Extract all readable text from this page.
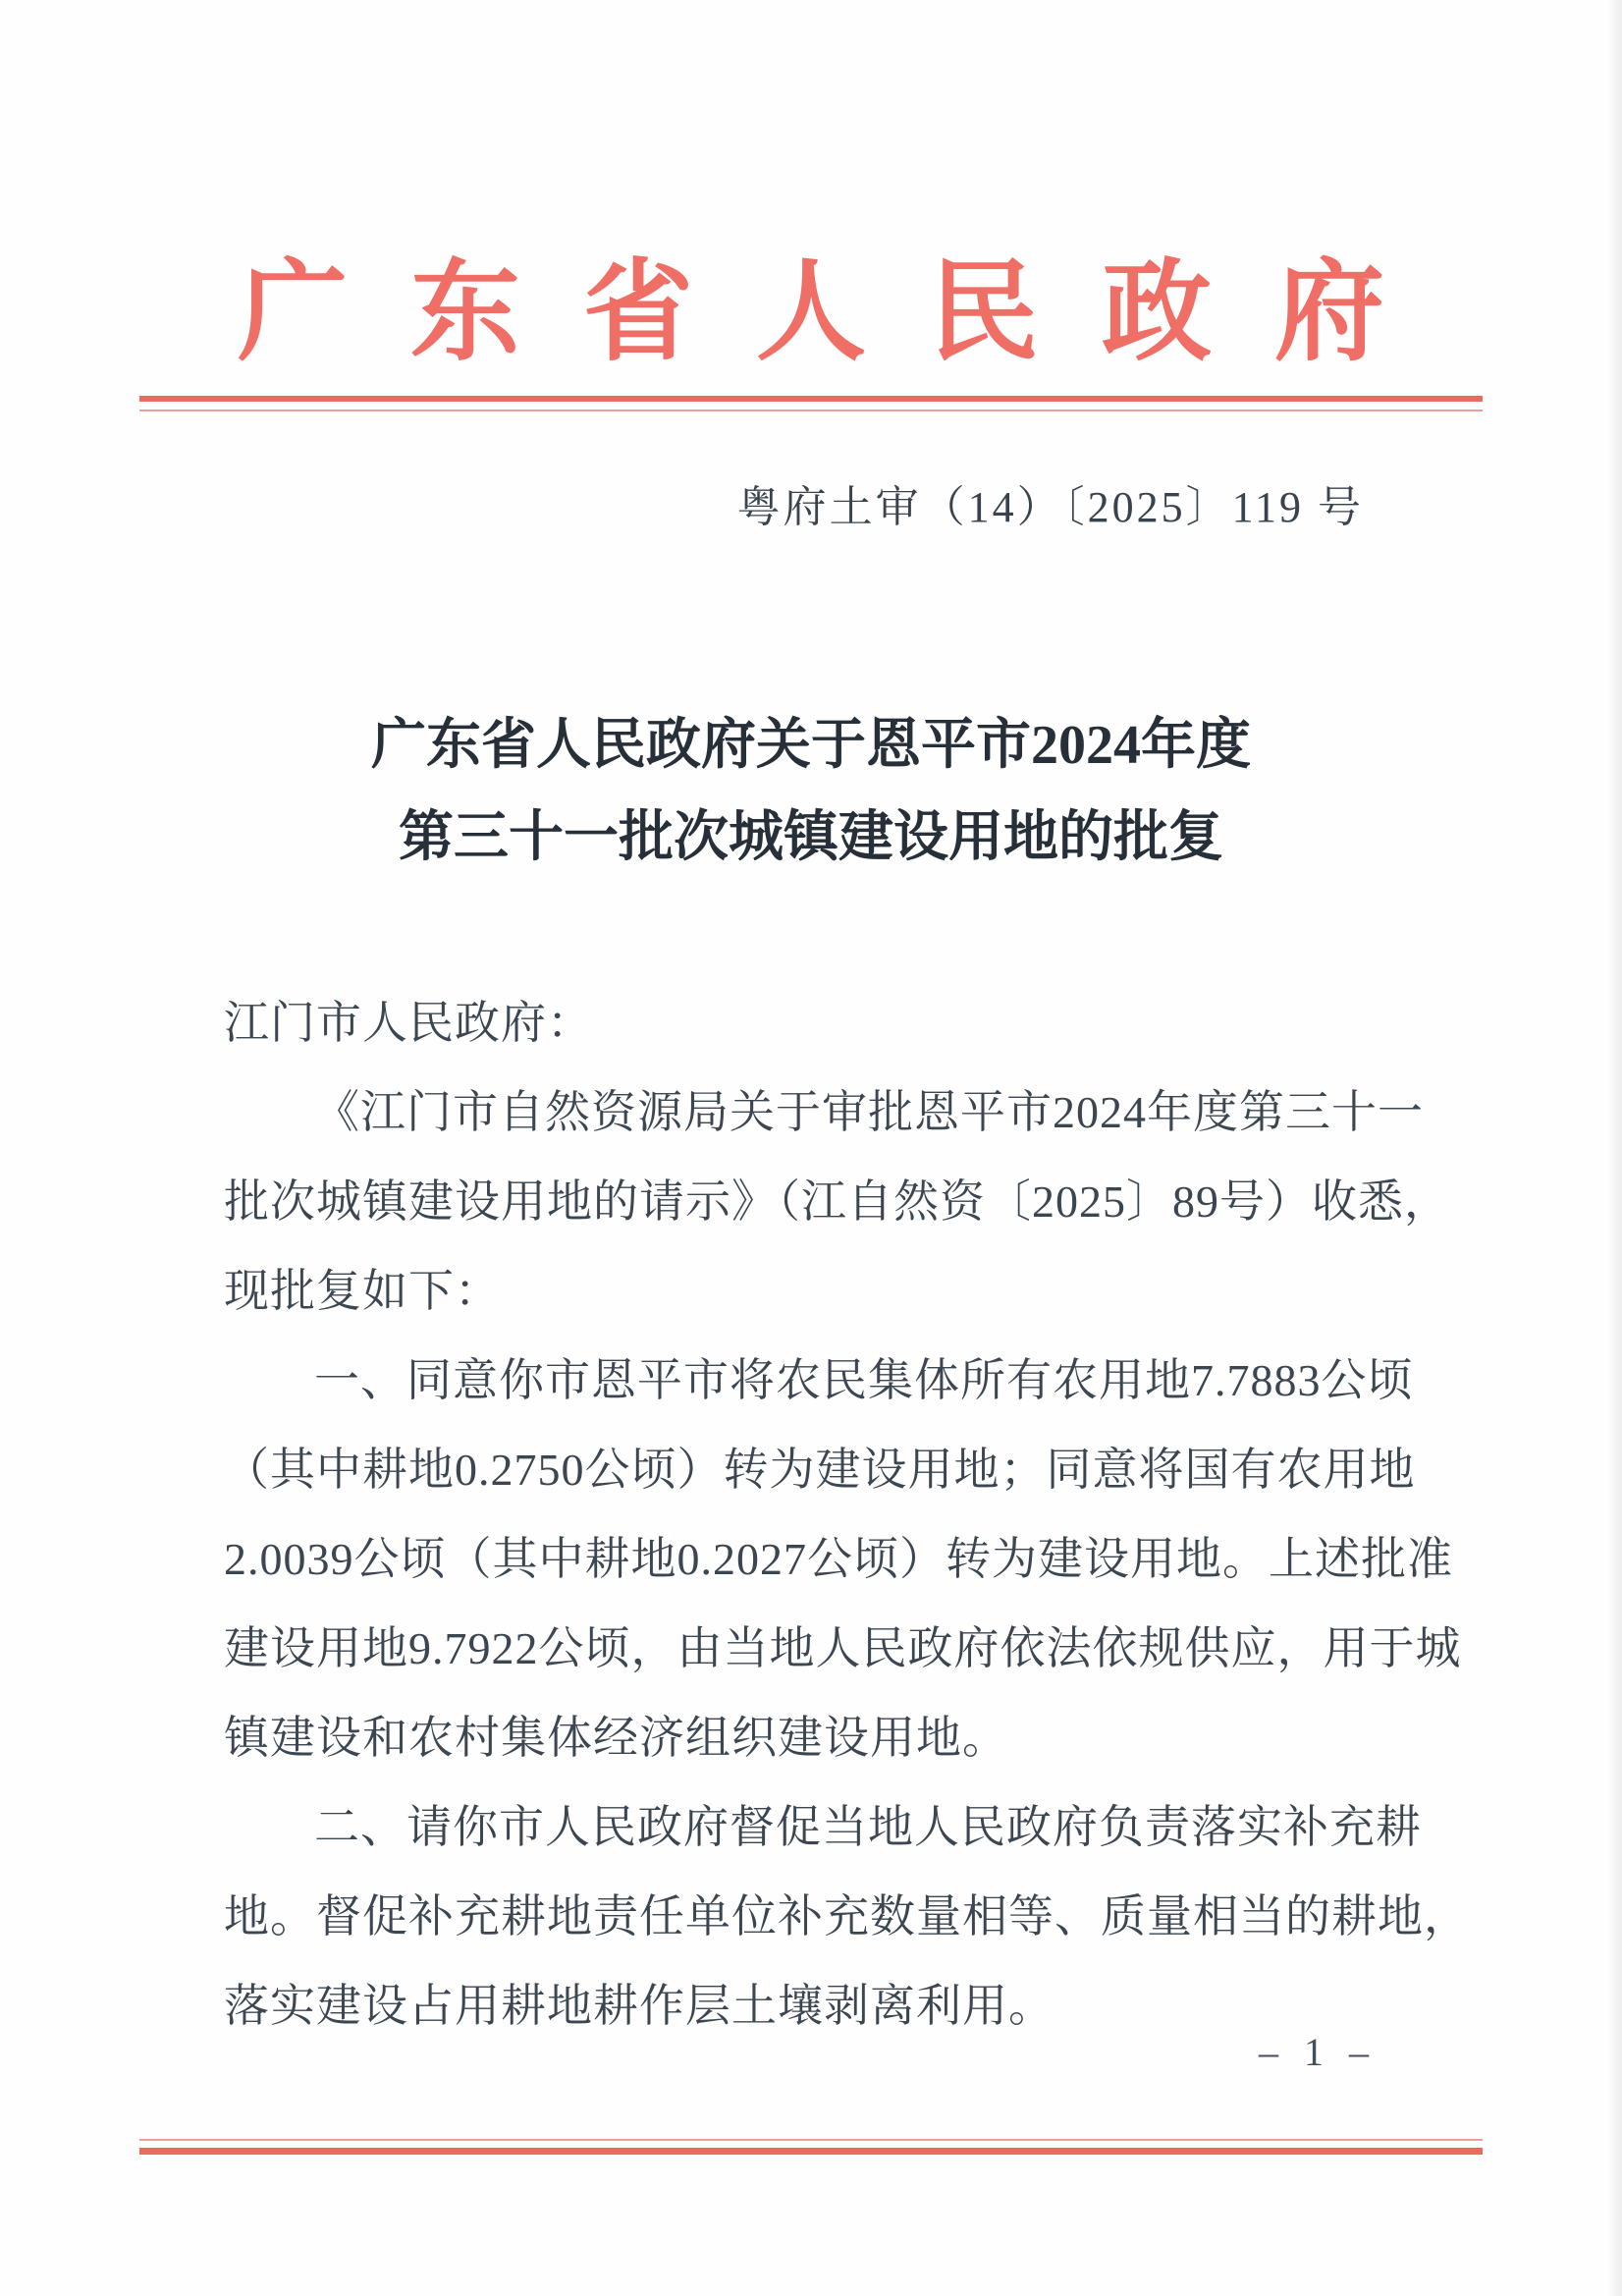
广东省人民政府
粤府土审（14）〔2025〕119 号
广东省人民政府关于恩平市2024年度
第三十一批次城镇建设用地的批复
江门市人民政府：
《江门市自然资源局关于审批恩平市2024年度第三十一
批次城镇建设用地的请示》（江自然资〔2025〕89号）收悉，
现批复如下：
一、同意你市恩平市将农民集体所有农用地7.7883公顷
（其中耕地0.2750公顷）转为建设用地；同意将国有农用地
2.0039公顷（其中耕地0.2027公顷）转为建设用地。上述批准
建设用地9.7922公顷，由当地人民政府依法依规供应，用于城
镇建设和农村集体经济组织建设用地。
二、请你市人民政府督促当地人民政府负责落实补充耕
地。督促补充耕地责任单位补充数量相等、质量相当的耕地，
落实建设占用耕地耕作层土壤剥离利用。
– 1 –
